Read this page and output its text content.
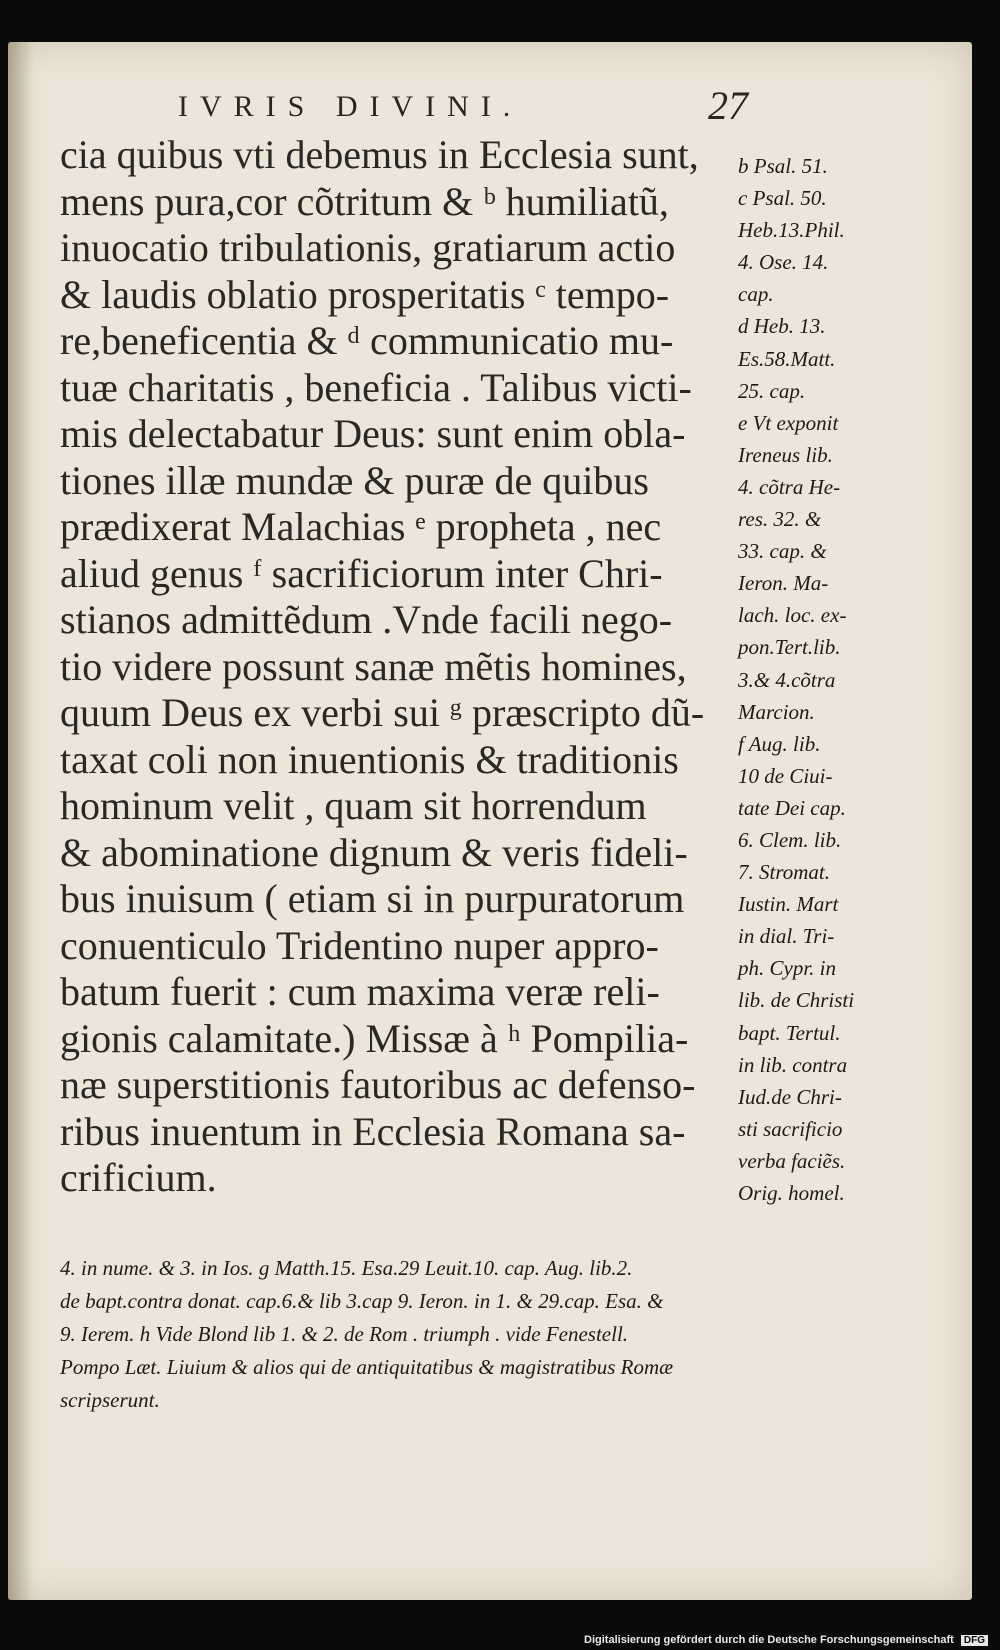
IVRIS DIVINI.	27
cia quibus vti debemus in Ecclesia sunt,
mens pura,cor cõtritum & ᵇ humiliatũ,
inuocatio tribulationis, gratiarum actio
& laudis oblatio prosperitatis ᶜ tempo-
re,beneficentia & ᵈ communicatio mu-
tuæ charitatis , beneficia . Talibus victi-
mis delectabatur Deus: sunt enim obla-
tiones illæ mundæ & puræ de quibus
prædixerat Malachias ᵉ propheta , nec
aliud genus ᶠ sacrificiorum inter Chri-
stianos admittẽdum .Vnde facili nego-
tio videre possunt sanæ mẽtis homines,
quum Deus ex verbi sui ᵍ præscripto dũ-
taxat coli non inuentionis & traditionis
hominum velit , quam sit horrendum
& abominatione dignum & veris fideli-
bus inuisum ( etiam si in purpuratorum
conuenticulo Tridentino nuper appro-
batum fuerit : cum maxima veræ reli-
gionis calamitate.) Missæ à ʰ Pompilia-
næ superstitionis fautoribus ac defenso-
ribus inuentum in Ecclesia Romana sa-
crificium.
b Psal. 51.
c Psal. 50.
Heb.13.Phil.
4. Ose. 14.
cap.
d Heb. 13.
Es.58.Matt.
25. cap.
e Vt exponit
Ireneus lib.
4. cõtra He-
res. 32. &
33. cap. &
Ieron. Ma-
lach. loc. ex-
pon.Tert.lib.
3.& 4.cõtra
Marcion.
f Aug. lib.
10 de Ciui-
tate Dei cap.
6. Clem. lib.
7. Stromat.
Iustin. Mart
in dial. Tri-
ph. Cypr. in
lib. de Christi
bapt. Tertul.
in lib. contra
Iud.de Chri-
sti sacrificio
verba faciẽs.
Orig. homel.
4. in nume. & 3. in Ios. g Matth.15. Esa.29 Leuit.10. cap. Aug. lib.2.
de bapt.contra donat. cap.6.& lib 3.cap 9. Ieron. in 1. & 29.cap. Esa. &
9. Ierem. h Vide Blond lib 1. & 2. de Rom . triumph . vide Fenestell.
Pompo Læt. Liuium & alios qui de antiquitatibus & magistratibus Romæ
scripserunt.
Digitalisierung gefördert durch die Deutsche Forschungsgemeinschaft DFG
